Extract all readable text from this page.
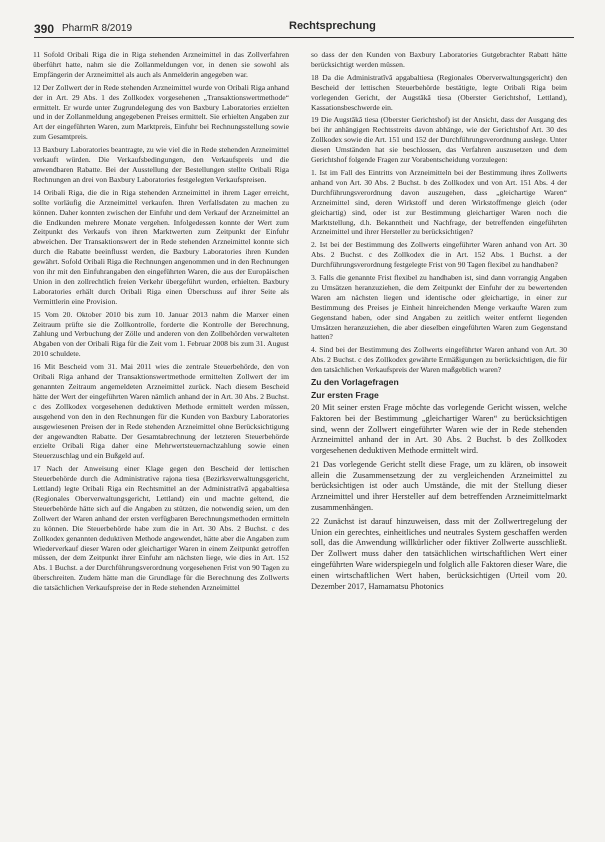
390 PharmR 8/2019	Rechtsprechung

11 Sofold Oribali Riga die in Riga stehenden Arzneimittel in das Zollverfahren überführt hatte, nahm sie die Zollanmeldungen vor, in denen sie sowohl als Empfängerin der Arzneimittel als auch als Anmelderin angegeben war.

12 Der Zollwert der in Rede stehenden Arzneimittel wurde von Oribali Riga anhand der in Art. 29 Abs. 1 des Zollkodex vorgesehenen „Transaktionswertmethode“ ermittelt. Er wurde unter Zugrundelegung des von Baxbury Laboratories erzielten und in der Zollanmeldung angegebenen Preises ermittelt. Sie erhielten Angaben zur Art der eingeführten Waren, zum Marktpreis, Einfuhr bei Rechnungsstellung sowie zum Gesamtpreis.

13 Baxbury Laboratories beantragte, zu wie viel die in Rede stehenden Arzneimittel verkauft würden. Die Verkaufsbedingungen, den Verkaufspreis und die anwendbaren Rabatte. Bei der Ausstellung der Bestellungen stellte Oribali Riga Rechnungen an drei von Baxbury Laboratories festgelegten Verkaufspreisen.

14 Oribali Riga, die die in Riga stehenden Arzneimittel in ihrem Lager erreicht, sollte vorläufig die Arzneimittel verkaufen. Ihren Verfallsdaten zu machen zu können. Daher konnten zwischen der Einfuhr und dem Verkauf der Arzneimittel an die Endkunden mehrere Monate vergehen. Infolgedessen konnte der Wert zum Zeitpunkt des Verkaufs von ihren Marktwerten zum Zeitpunkt der Einfuhr abweichen. Der Transaktionswert der in Rede stehenden Arzneimittel konnte sich durch die Rabatte beeinflusst werden, die Baxbury Laboratories ihren Kunden gewährt. Sofold Oribali Riga die Rechnungen angenommen und in den Rechnungen von ihr mit den Einfuhrangaben den eingeführten Waren, die aus der Europäischen Union in den zollrechtlich freien Verkehr übergeführt wurden, erhielten. Baxbury Laboratories erhält durch Oribali Riga einen Überschuss auf ihrer Seite als Vermittlerin eine Provision.

15 Vom 20. Oktober 2010 bis zum 10. Januar 2013 nahm die Marxer einen Zeitraum prüfte sie die Zollkontrolle, forderte die Kontrolle der Berechnung, Zahlung und Verbuchung der Zölle und anderen von den Zollbehörden verwalteten Abgaben von der Oribali Riga für die Zeit vom 1. Februar 2008 bis zum 31. August 2010 schuldete.

16 Mit Bescheid vom 31. Mai 2011 wies die zentrale Steuerbehörde, den von Oribali Riga anhand der Transaktionswertmethode ermittelten Zollwert der im genannten Zeitraum angemeldeten Arzneimittel zurück. Nach diesem Bescheid hätte der Wert der eingeführten Waren nämlich anhand der in Art. 30 Abs. 2 Buchst. c des Zollkodex vorgesehenen deduktiven Methode ermittelt werden müssen, ausgehend von den in den Rechnungen für die Kunden von Baxbury Laboratories ausgewiesenen Preisen der in Rede stehenden Arzneimittel ohne Berücksichtigung der angewandten Rabatte. Der Gesamtabrechnung der letzteren Steuerbehörde erzielte Oribali Riga daher eine Mehrwertsteuernachzahlung sowie einen Steuerzuschlag und ein Bußgeld auf.

17 Nach der Anweisung einer Klage gegen den Bescheid der lettischen Steuerbehörde durch die Administrative rajona tiesa (Bezirksverwaltungsgericht, Lettland) legte Oribali Riga ein Rechtsmittel an der Administratīvā apgabaltiesa (Regionales Oberverwaltungsgericht, Lettland) ein und machte geltend, die Steuerbehörde hätte sich auf die Angaben zu stützen, die notwendig seien, um den Zollwert der Waren anhand der ersten verfügbaren Berechnungsmethoden ermitteln zu können. Die Steuerbehörde habe zum die in Art. 30 Abs. 2 Buchst. c des Zollkodex genannten deduktiven Methode angewendet, hätte aber die Angaben zum Wiederverkauf dieser Waren oder gleichartiger Waren in einem Zeitpunkt getroffen müssen, der dem Zeitpunkt ihrer Einfuhr am nächsten liege, wie dies in Art. 152 Abs. 1 Buchst. a der Durchführungsverordnung vorgesehenen Frist von 90 Tagen zu überschreiten. Zudem hätte man die Grundlage für die Berechnung des Zollwerts die tatsächlichen Verkaufspreise der in Rede stehenden Arzneimittel

so dass der den Kunden von Baxbury Laboratories Gutgebrachter Rabatt hätte berücksichtigt werden müssen.

18 Da die Administratīvā apgabaltiesa (Regionales Oberverwaltungsgericht) den Bescheid der lettischen Steuerbehörde bestätigte, legte Oribali Riga beim vorlegenden Gericht, der Augstākā tiesa (Oberster Gerichtshof, Lettland), Kassationsbeschwerde ein.

19 Die Augstākā tiesa (Oberster Gerichtshof) ist der Ansicht, dass der Ausgang des bei ihr anhängigen Rechtsstreits davon abhänge, wie der Gerichtshof Art. 30 des Zollkodex sowie die Art. 151 und 152 der Durchführungsverordnung auslege. Unter diesen Umständen hat sie beschlossen, das Verfahren auszusetzen und dem Gerichtshof folgende Fragen zur Vorabentscheidung vorzulegen:

1. Ist im Fall des Eintritts von Arzneimitteln bei der Bestimmung ihres Zollwerts anhand von Art. 30 Abs. 2 Buchst. b des Zollkodex und von Art. 151 Abs. 4 der Durchführungsverordnung davon auszugehen, dass „gleichartige Waren“ Arzneimittel sind, deren Wirkstoff und deren Wirkstoffmenge gleich (oder gleichartig) sind, oder ist zur Bestimmung gleichartiger Waren noch die Marktstellung, d.h. Bekanntheit und Nachfrage, der betreffenden eingeführten Arzneimittel und ihrer Hersteller zu berücksichtigen?

2. Ist bei der Bestimmung des Zollwerts eingeführter Waren anhand von Art. 30 Abs. 2 Buchst. c des Zollkodex die in Art. 152 Abs. 1 Buchst. a der Durchführungsverordnung festgelegte Frist von 90 Tagen flexibel zu handhaben?

3. Falls die genannte Frist flexibel zu handhaben ist, sind dann vorrangig Angaben zu Umsätzen heranzuziehen, die dem Zeitpunkt der Einfuhr der zu bewertenden Waren am nächsten liegen und identische oder gleichartige, in einer zur Bestimmung des Preises je Einheit hinreichenden Menge verkaufte Waren zum Gegenstand haben, oder sind Angaben zu zeitlich weiter entfernt liegenden Umsätzen heranzuziehen, die aber dieselben eingeführten Waren zum Gegenstand hatten?

4. Sind bei der Bestimmung des Zollwerts eingeführter Waren anhand von Art. 30 Abs. 2 Buchst. c des Zollkodex gewährte Ermäßigungen zu berücksichtigen, die für den tatsächlichen Verkaufspreis der Waren maßgeblich waren?

Zu den Vorlagefragen
Zur ersten Frage

20 Mit seiner ersten Frage möchte das vorlegende Gericht wissen, welche Faktoren bei der Bestimmung „gleichartiger Waren“ zu berücksichtigen sind, wenn der Zollwert eingeführter Waren wie der in Rede stehenden Arzneimittel anhand der in Art. 30 Abs. 2 Buchst. b des Zollkodex vorgesehenen deduktiven Methode ermittelt wird.

21 Das vorlegende Gericht stellt diese Frage, um zu klären, ob insoweit allein die Zusammensetzung der zu vergleichenden Arzneimittel zu berücksichtigen ist oder auch Umstände, die mit der Stellung dieser Arzneimittel und ihrer Hersteller auf dem betreffenden Arzneimittelmarkt zusammenhängen.

22 Zunächst ist darauf hinzuweisen, dass mit der Zollwertregelung der Union ein gerechtes, einheitliches und neutrales System geschaffen werden soll, das die Anwendung willkürlicher oder fiktiver Zollwerte ausschließt. Der Zollwert muss daher den tatsächlichen wirtschaftlichen Wert einer eingeführten Ware widerspiegeln und folglich alle Faktoren dieser Ware, die einen wirtschaftlichen Wert haben, berücksichtigen (Urteil vom 20. Dezember 2017, Hamamatsu Photonics
